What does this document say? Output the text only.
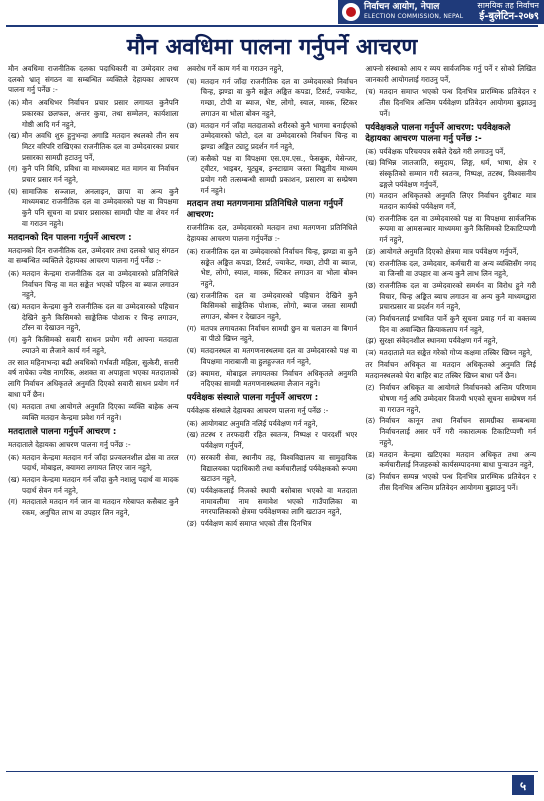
निर्वाचन आयोग, नेपाल
ELECTION COMMISSION, NEPAL
सामयिक तह निर्वाचन
ई-बुलेटिन-२०७९
मौन अवधिमा पालना गर्नुपर्ने आचरण
मौन अवधिमा राजनीतिक दलका पदाधिकारी वा उम्मेदवार तथा दलको भ्रातृ संगठन वा सम्बन्धित व्यक्तिले देहायका आचरण पालना गर्नु पर्नेछ :-
(क) मौन अवधिभर निर्वाचन प्रचार प्रसार लगायत कुनैपनि प्रकारका छलफल, अन्तर कुया, तथा सम्मेलन, कार्यशाला गोष्ठी आदि गर्न नहुने,
(ख) मौन अवधि शुरु हुनुभन्दा अगाडि मतदान स्थलको तीन सय मिटर वरिपरि राखिएका राजनीतिक दल वा उम्मेदवारका प्रचार प्रसारका सामग्री हटाउनु पर्ने,
(ग) कुनै पनि विधि, प्रविधा वा माध्यमबाट मत मागन वा निर्वाचन प्रचार प्रसार गर्न नहुने,
(घ) सामाजिक सञ्जाल, अनलाइन, छापा वा अन्य कुनै माध्यमबाट राजनीतिक दल वा उम्मेदवारको पक्ष वा विपक्षमा कुनै पनि सूचना वा प्रचार प्रसारका सामग्री पोष्ट वा शेयर गर्न वा गराउन नहुने।
मतदानको दिन पालना गर्नुपर्ने आचरण :
मतदानको दिन राजनीतिक दल, उम्मेदवार तथा दलको भ्रातृ संगठन वा सम्बन्धित व्यक्तिले देहायका आचरण पालना गर्नु पर्नेछ :-
(क) मतदान केन्द्रमा राजनीतिक दल वा उम्मेदवारको प्रतिनिधिले निर्वाचन चिन्ह वा मत सङ्केत भएको पहिरन वा ब्याज लगाउन नहुने,
(ख) मतदान केन्द्रमा कुनै राजनीतिक दल वा उम्मेदवारको पहिचान देखिने कुनै किसिमको साङ्केतिक पोशाक र चिन्ह लगाउन, टाँस्न वा देखाउन नहुने,
(ग) कुनै किसिमको सवारी साधन प्रयोग गरी आफ्ना मतदाता ल्याउने वा लैजाने कार्य गर्न नहुने,
तर सात महिनाभन्दा बढी अवधिको गर्भवती महिला, सुत्केरी, सत्तरी वर्ष नाघेका ज्येष्ठ नागरिक, अशक्त वा अपाङ्गता भएका मतदाताको लागि निर्वाचन अधिकृतले अनुमति दिएको सवारी साधन प्रयोग गर्न बाधा पर्ने छैन।
(घ) मतदाता तथा आयोगले अनुमति दिएका व्यक्ति बाहेक अन्य व्यक्ति मतदान केन्द्रमा प्रवेश गर्न नहुने।
मतदाताले पालना गर्नुपर्ने आचरण :
मतदाताले देहायका आचरण पालना गर्नु पर्नेछ :-
(क) मतदान केन्द्रमा मतदान गर्न जाँदा प्रज्वलनशील ढोस वा तरल पदार्थ, मोबाइल, क्यामरा लगायत लिएर जान नहुने,
(ख) मतदान केन्द्रमा मतदान गर्न जाँदा कुनै नशालु पदार्थ वा मादक पदार्थ सेवन गर्न नहुने,
(ग) मतदाताले मतदान गर्न जान वा मतदान गरेबापत कसैबाट कुनै रकम, अनुचित लाभ वा उपहार लिन नहुने,
अवरोध गर्ने काम गर्न वा गराउन नहुने,
(च) मतदान गर्न जाँदा राजनीतिक दल वा उम्मेदवारको निर्वाचन चिन्ह, झण्डा वा कुनै सङ्केत अङ्कित कपडा, टिसर्ट, ज्याकेट, गम्छा, टोपी वा ब्याज, भेष्ट, लोगो, स्याल, मास्क, स्टिकर लगाउन वा भोला बोक्न नहुने,
(छ) मतदान गर्न जाँदा मतदाताको शरीरको कुनै भागमा बनाईएको उम्मेदवारको फोटो, दल वा उम्मेदवारको निर्वाचन चिन्ह वा झण्डा अङ्कित ट्याटु प्रदर्शन गर्न नहुने,
(ज) कसैको पक्ष वा विपक्षमा एस.एम.एस., फेसबुक, मेसेन्जर, ट्वीटर, भाइबर, यूट्युब, इन्स्टाग्राम जस्ता विद्युतीय माध्यम प्रयोग गरी तत्सम्बन्धी सामग्री प्रकाशन, प्रसारण वा सम्प्रेषण गर्न नहुने।
मतदान तथा मतगणनामा प्रतिनिधिले पालना गर्नुपर्ने आचरण:
राजनीतिक दल, उम्मेदवारको मतदान तथा मतगणना प्रतिनिधिले देहायका आचरण पालना गर्नुपर्नेछ :-
(क) राजनीतिक दल वा उम्मेदवारको निर्वाचन चिन्ह, झण्डा वा कुनै सङ्केत अङ्कित कपडा, टिसर्ट, ज्याकेट, गम्छा, टोपी वा ब्याज, भेष्ट, लोगो, स्याल, मास्क, स्टिकर लगाउन वा भोला बोक्न नहुने,
(ख) राजनीतिक दल वा उम्मेदवारको पहिचान देखिने कुनै किसिमको साङ्केतिक पोशाक, लोगो, ब्याज जस्ता सामग्री लगाउन, बोक्न र देखाउन नहुने,
(ग) मतपत्र लगायतका निर्वाचन सामग्री छुन वा चलाउन वा बिगार्न वा पीठो खिच्न नहुने,
(घ) मतदानस्थल वा मतगणनास्थलमा दल वा उम्मेदवारको पक्ष वा विपक्षमा नाराबाजी वा हुलहुज्जत गर्न नहुने,
(ङ) क्यामरा, मोबाइल लगायतका निर्वाचन अधिकृतले अनुमति नदिएका सामग्री मतगणनास्थलमा लैजान नहुने।
पर्यवेक्षक संस्थाले पालना गर्नुपर्ने आचरण :
पर्यवेक्षक संस्थाले देहायका आचरण पालना गर्नु पर्नेछ :-
(क) आयोगबाट अनुमति नलिई पर्यवेक्षण गर्न नहुने,
(ख) तटस्थ र तरफदारी रहित स्वतन्त्र, निष्पक्ष र पारदर्शी भएर पर्यवेक्षण गर्नुपर्ने,
(ग) सरकारी सेवा, स्थानीय तह, विश्वविद्यालय वा सामुदायिक विद्यालयका पदाधिकारी तथा कर्मचारीलाई पर्यवेक्षकको रूपमा खटाउन नहुने,
(घ) पर्यवेक्षकलाई निजको स्थायी बसोबास भएको वा मतदाता नामावलीमा नाम समावेश भएको गाउँपालिका वा नगरपालिकाको क्षेत्रमा पर्यवेक्षणका लागि खटाउन नहुने,
(ङ) पर्यवेक्षण कार्य समाप्त भएको तीस दिनभित्र
आफ्नो संस्थाको आय र व्यय सार्वजनिक गर्नु पर्ने र सोको लिखित जानकारी आयोगलाई गराउनु पर्ने,
(च) मतदान समाप्त भएको पन्ध दिनभित्र प्रारम्भिक प्रतिवेदन र तीस दिनभित्र अन्तिम पर्यवेक्षण प्रतिवेदन आयोगमा बुझाउनु पर्ने।
पर्यवेक्षकले पालना गर्नुपर्ने आचरण: पर्यवेक्षकले देहायका आचरण पालना गर्नु पर्नेछ :-
(क) पर्यवेक्षक परिचयपत्र सबैले देख्ने गरी लगाउनु पर्ने,
(ख) विभिन्न जातजाति, समुदाय, लिङ्ग, धर्म, भाषा, क्षेत्र र संस्कृतिको सम्मान गरी स्वतन्त्र, निष्पक्ष, तटस्थ, विश्वसनीय ढङ्गले पर्यवेक्षण गर्नुपर्ने,
(ग) मतदान अधिकृतको अनुमति लिएर निर्वाचन दुरीबाट मात्र मतदान कार्यको पर्यवेक्षण गर्ने,
(घ) राजनीतिक दल वा उम्मेदवारको पक्ष वा विपक्षमा सार्वजनिक रूपमा वा आमसञ्चार माध्यममा कुनै किसिमको टिकाटिप्पणी गर्न नहुने,
(ङ) आयोगले अनुमति दिएको क्षेत्रमा मात्र पर्यवेक्षण गर्नुपर्ने,
(च) राजनीतिक दल, उम्मेदवार, कर्मचारी वा अन्य व्यक्तिसँग नगद वा जिन्सी वा उपहार वा अन्य कुनै लाभ लिन नहुने,
(छ) राजनीतिक दल वा उम्मेदवारको समर्थन वा विरोध हुने गरी विचार, चिन्ह अङ्कित ब्याच लगाउन वा अन्य कुनै माध्यमद्वारा प्रचारप्रसार वा प्रदर्शन गर्न नहुने,
(ज) निर्वाचनलाई प्रभावित पार्ने कुनै सूचना प्रवाह गर्न वा वक्तव्य दिन वा अवाञ्छित क्रियाकलाप गर्न नहुने,
(झ) सुरक्षा संवेदनशील स्थानमा पर्यवेक्षण गर्न नहुने,
(ञ) मतदाताले मत सङ्केत गरेको गोप्य कक्षमा तस्बिर खिच्न नहुने,
तर निर्वाचन अधिकृत वा मतदान अधिकृतको अनुमति लिई मतदानस्थलको घेरा बाहिर बाट तस्बिर खिच्न बाधा पर्ने छैन।
(ट) निर्वाचन अधिकृत वा आयोगले निर्वाचनको अन्तिम परिणाम घोषणा गर्नु अघि उम्मेदवार विजयी भएको सूचना सम्प्रेषण गर्न वा गराउन नहुने,
(ठ) निर्वाचन कानून तथा निर्वाचन सामग्रीका सम्बन्धमा निर्वाचनलाई असर पर्ने गरी नकारात्मक टिकाटिप्पणी गर्न नहुने,
(ड) मतदान केन्द्रमा खटिएका मतदान अधिकृत तथा अन्य कर्मचारीलाई निजहरुको कार्यसम्पादनमा बाधा पुऱ्याउन नहुने,
(ढ) निर्वाचन सम्पन्न भएको पन्ध दिनभित्र प्रारम्भिक प्रतिवेदन र तीस दिनभित्र अन्तिम प्रतिवेदन आयोगमा बुझाउनु पर्ने।
५
